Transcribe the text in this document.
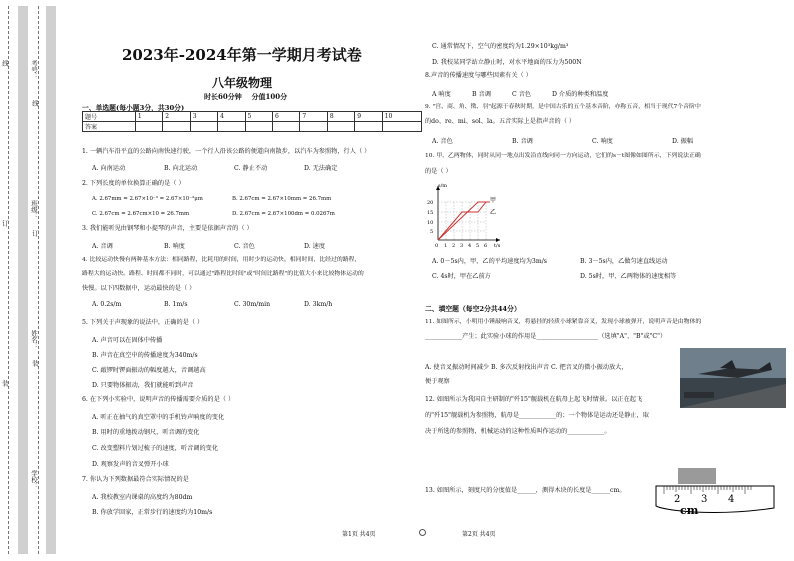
线
订
装
线
订
装
考号：
班级：
姓名：
学校：
2023年-2024年第一学期月考试卷
八年级物理
时长60分钟    分值100分
一、单选题(每小题3分，共30分)
题号	1	2	3	4	5	6	7	8	9	10
答案										
1. 一辆汽车沿平直的公路向南快速行驶，一个行人沿该公路的便道向南散步，以汽车为参照物，行人（ ）
A. 向南运动	B. 向北运动	C. 静止不动	D. 无法确定
2. 下列长度的单位换算正确的是（ ）
A. 2.67mm = 2.67×10⁻³ = 2.67×10⁻³μm	B. 2.67cm = 2.67×10mm = 26.7mm
C. 2.67cm = 2.67cm×10 = 26.7mm	D. 2.67cm = 2.67×100dm = 0.0267m
3. 我们能听见由钢琴和小提琴的声音，主要是依据声音的（ ）
A. 音调	B. 响度	C. 音色	D. 速度
4. 比较运动快慢有两种基本方法：相同路程，比耗用的时间，用时少的运动快。相同时间，比经过的路程，
路程大的运动快。路程、时间都不同时，可以通过"路程比时间"或"时间比路程"的比值大小来比较物体运动的
快慢。以下四数据中，运动最快的是（ ）
A. 0.2s/m	B. 1m/s	C. 30m/min	D. 3km/h
5. 下列关于声现象的说法中，正确的是（ ）
A. 声音可以在固体中传播
B. 声音在真空中的传播速度为340m/s
C. 敲锣时锣面振动的幅度越大，音调越高
D. 只要物体振动，我们就能听到声音
6. 在下列小实验中，说明声音的传播需要介质的是（ ）
A. 听正在抽气的真空罩中的手机铃声响度的变化
B. 用时的重地拨动钢尺，听音调的变化
C. 改变塑料片划过梳子的速度，听音调的变化
D. 观察发声的音叉弹开小球
7. 你认为下列数据最符合实际情况的是
A. 我校教室内课桌的高度约为80dm
B. 你放学回家，正常步行的速度约为10m/s
C. 通常情况下，空气的密度约为1.29×10³kg/m³
D. 我校某同学站立静止时，对水平地面的压力为500N
8.声音的传播速度与哪些因素有关（ ）
A 响度	B 音调	C 音色	D 介质的种类和温度
9. "宫、商、角、徵、羽"起源于春秋时期，是中国古乐的五个基本音阶，亦称五音，相当于现代7个音阶中
的do、re、mi、sol、la。五音实际上是指声音的（ ）
A. 音色	B. 音调	C. 响度	D. 振幅
10. 甲、乙两物体，同时从同一地点出发沿直线向同一方向运动，它们的s－t图像如图所示，下列说法正确
的是（ ）
s/m
t/s
20
15
10
5
0 1 2 3 4 5 6
甲
乙
A. 0－5s内，甲、乙的平均速度均为3m/s	B. 3－5s内，乙做匀速直线运动
C. 4s时，甲在乙前方	D. 5s时，甲、乙两物体的速度相等
二、填空题（每空2分共44分）
11. 如图所示，小明用小锤敲响音叉，将悬挂的轻质小球紧靠音叉，发现小球被弹开，说明声音是由物体的
____________产生；此实验小球的作用是____________________（选填"A"、"B"或"C"）
A. 使音叉振动时间减少 B. 多次反射找出声音 C. 把音叉的微小振动放大，
便于观察
12. 如图所示为我国自主研制的"歼15"舰载机在航母上起飞时情景。以正在起飞
的"歼15"舰载机为参照物，航母是____________的；一个物体是运动还是静止，取
决于所选的参照物，机械运动的这种性质叫作运动的____________。
13. 如图所示，刻度尺的分度值是______，测得木块的长度是______cm。
2 3 4
cm
第1页 共4页	第2页 共4页
